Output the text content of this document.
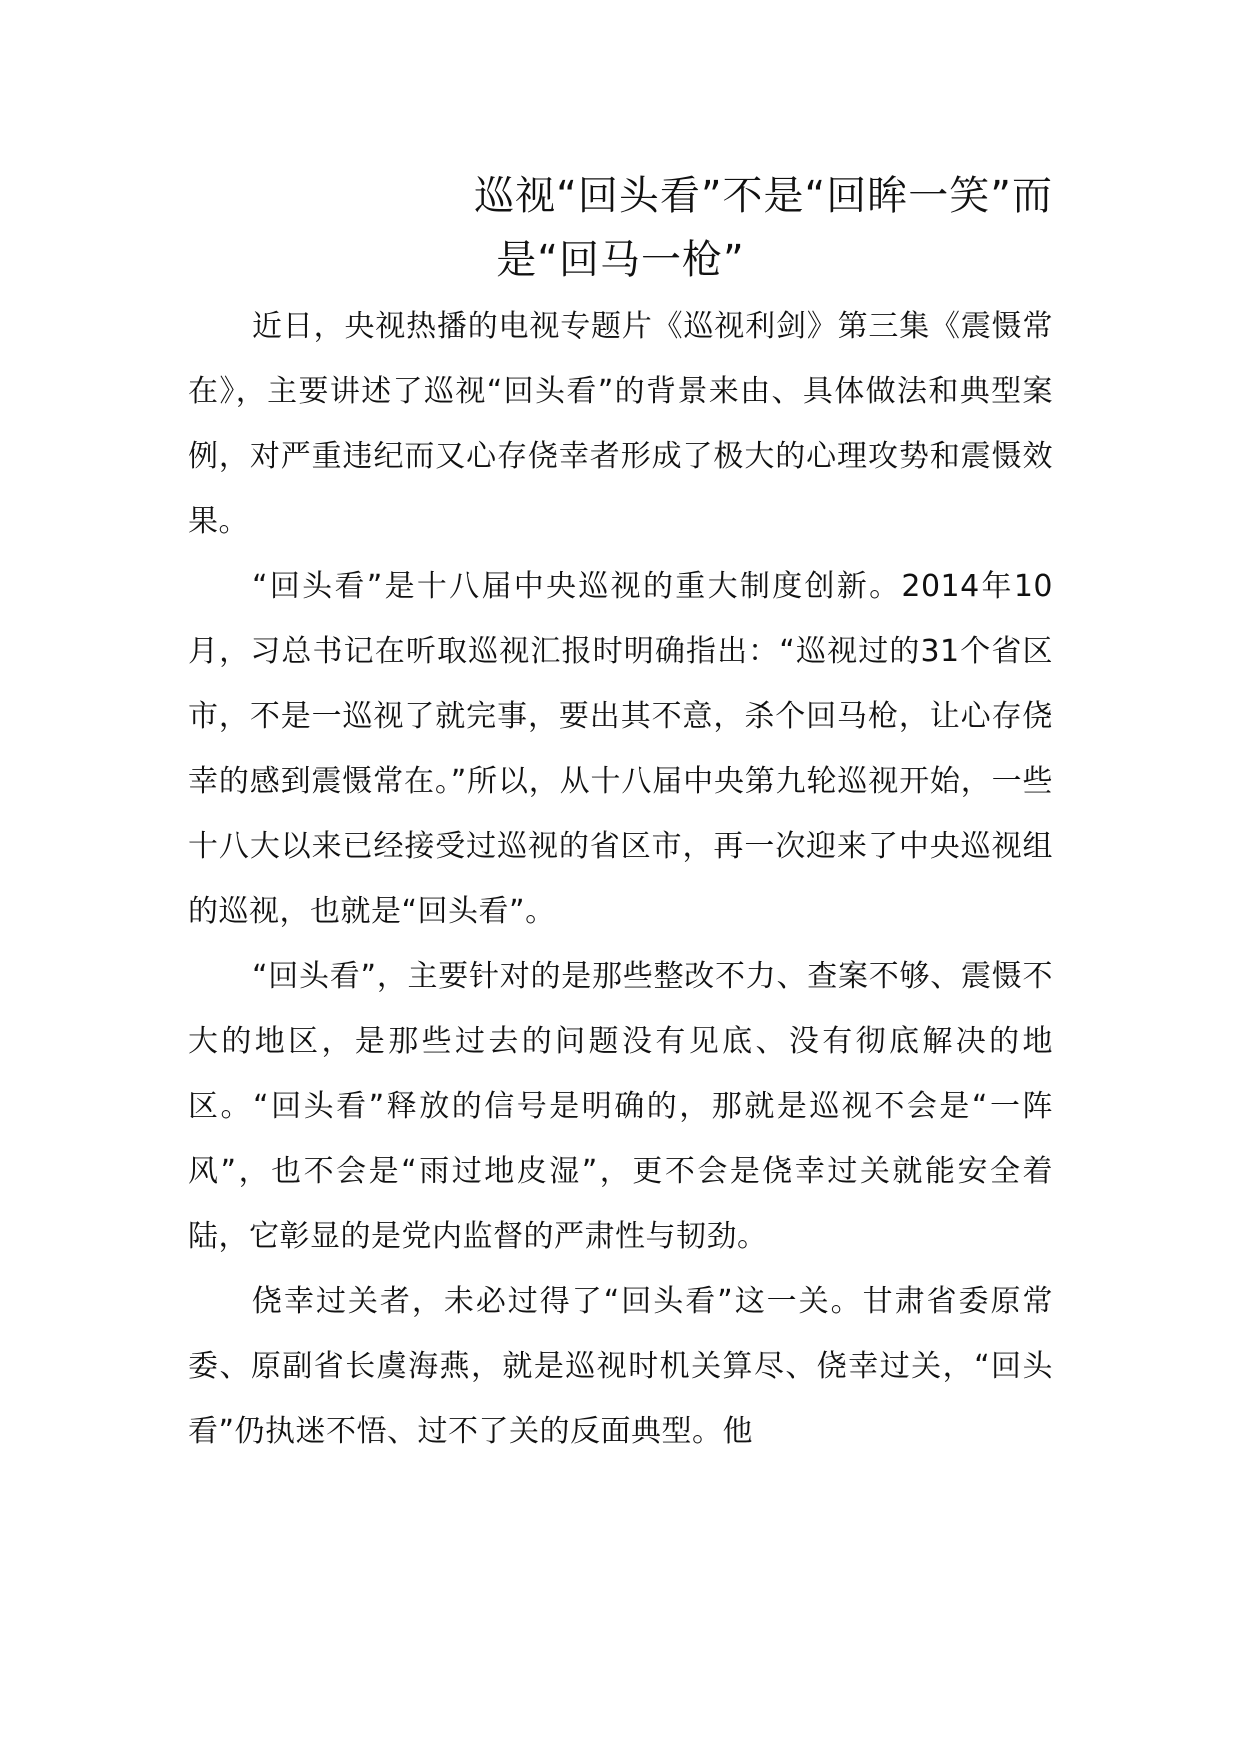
巡视“回头看”不是“回眸一笑”而
是“回马一枪”

近日，央视热播的电视专题片《巡视利剑》第三集《震慑常在》，主要讲述了巡视“回头看”的背景来由、具体做法和典型案例，对严重违纪而又心存侥幸者形成了极大的心理攻势和震慑效果。

“回头看”是十八届中央巡视的重大制度创新。2014年10月，习总书记在听取巡视汇报时明确指出：“巡视过的31个省区市，不是一巡视了就完事，要出其不意，杀个回马枪，让心存侥幸的感到震慑常在。”所以，从十八届中央第九轮巡视开始，一些十八大以来已经接受过巡视的省区市，再一次迎来了中央巡视组的巡视，也就是“回头看”。

“回头看”，主要针对的是那些整改不力、查案不够、震慑不大的地区，是那些过去的问题没有见底、没有彻底解决的地区。“回头看”释放的信号是明确的，那就是巡视不会是“一阵风”，也不会是“雨过地皮湿”，更不会是侥幸过关就能安全着陆，它彰显的是党内监督的严肃性与韧劲。

侥幸过关者，未必过得了“回头看”这一关。甘肃省委原常委、原副省长虞海燕，就是巡视时机关算尽、侥幸过关，“回头看”仍执迷不悟、过不了关的反面典型。他
